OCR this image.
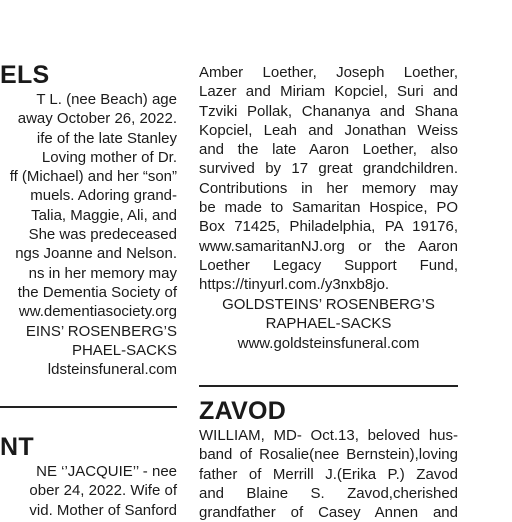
ELS
T L. (nee Beach) age
away October 26, 2022.
ife of the late Stanley
Loving mother of Dr.
ff (Michael) and her “son”
muels. Adoring grand-
Talia, Maggie, Ali, and
She was predeceased
ngs Joanne and Nelson.
ns in her memory may
the Dementia Society of
ww.dementiasociety.org
EINS’ ROSENBERG’S
PHAEL-SACKS
ldsteinsfuneral.com
NT
NE ‘’JACQUIE’’ - nee
ober 24, 2022. Wife of
vid. Mother of Sanford
Amber Loether, Joseph Loether,
Lazer and Miriam Kopciel, Suri and
Tzviki Pollak, Chananya and Shana
Kopciel, Leah and Jonathan Weiss
and the late Aaron Loether, also
survived by 17 great grandchildren.
Contributions in her memory may
be made to Samaritan Hospice, PO
Box 71425, Philadelphia, PA 19176,
www.samaritanNJ.org or the Aaron
Loether Legacy Support Fund,
https://tinyurl.com./y3nxb8jo.
GOLDSTEINS’ ROSENBERG’S
RAPHAEL-SACKS
www.goldsteinsfuneral.com
ZAVOD
WILLIAM, MD- Oct.13, beloved hus-
band of Rosalie(nee Bernstein),loving
father of Merrill J.(Erika P.) Zavod
and Blaine S. Zavod,cherished
grandfather of Casey Annen and
